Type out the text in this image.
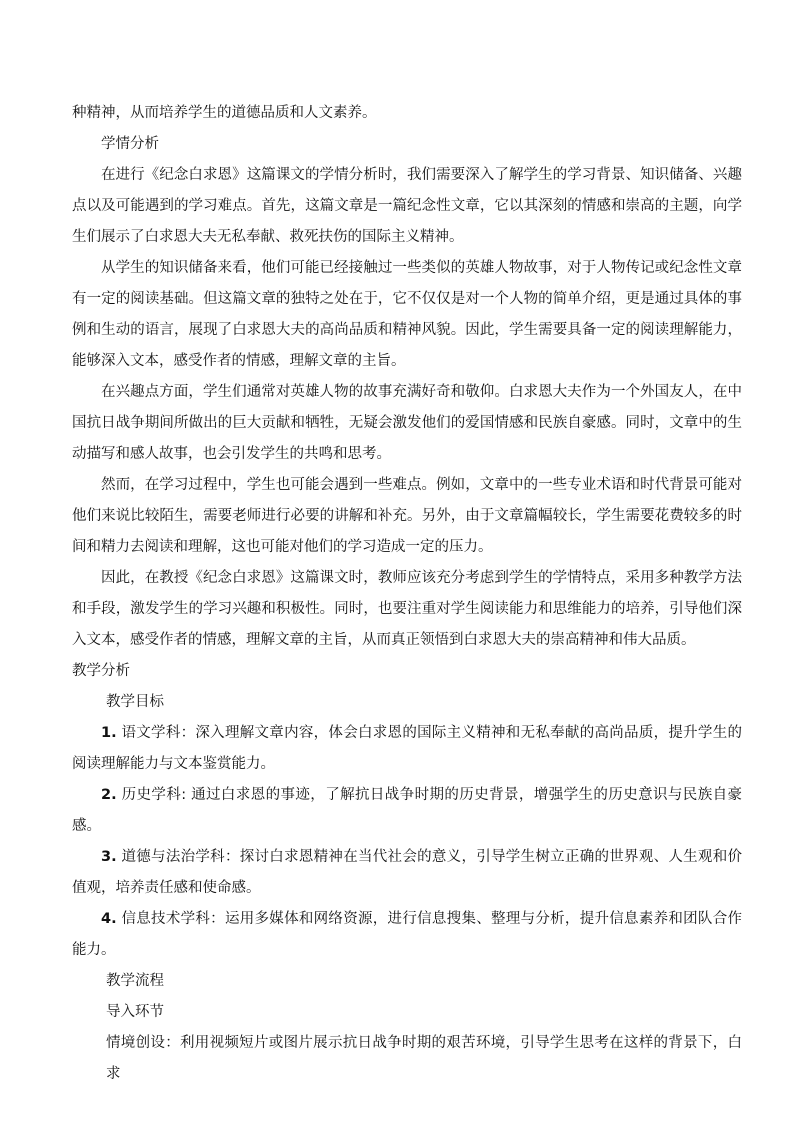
种精神，从而培养学生的道德品质和人文素养。

学情分析

在进行《纪念白求恩》这篇课文的学情分析时，我们需要深入了解学生的学习背景、知识储备、兴趣点以及可能遇到的学习难点。首先，这篇文章是一篇纪念性文章，它以其深刻的情感和崇高的主题，向学生们展示了白求恩大夫无私奉献、救死扶伤的国际主义精神。

从学生的知识储备来看，他们可能已经接触过一些类似的英雄人物故事，对于人物传记或纪念性文章有一定的阅读基础。但这篇文章的独特之处在于，它不仅仅是对一个人物的简单介绍，更是通过具体的事例和生动的语言，展现了白求恩大夫的高尚品质和精神风貌。因此，学生需要具备一定的阅读理解能力，能够深入文本，感受作者的情感，理解文章的主旨。

在兴趣点方面，学生们通常对英雄人物的故事充满好奇和敬仰。白求恩大夫作为一个外国友人，在中国抗日战争期间所做出的巨大贡献和牺牲，无疑会激发他们的爱国情感和民族自豪感。同时，文章中的生动描写和感人故事，也会引发学生的共鸣和思考。

然而，在学习过程中，学生也可能会遇到一些难点。例如，文章中的一些专业术语和时代背景可能对他们来说比较陌生，需要老师进行必要的讲解和补充。另外，由于文章篇幅较长，学生需要花费较多的时间和精力去阅读和理解，这也可能对他们的学习造成一定的压力。

因此，在教授《纪念白求恩》这篇课文时，教师应该充分考虑到学生的学情特点，采用多种教学方法和手段，激发学生的学习兴趣和积极性。同时，也要注重对学生阅读能力和思维能力的培养，引导他们深入文本，感受作者的情感，理解文章的主旨，从而真正领悟到白求恩大夫的崇高精神和伟大品质。

教学分析

教学目标

1. 语文学科：深入理解文章内容，体会白求恩的国际主义精神和无私奉献的高尚品质，提升学生的阅读理解能力与文本鉴赏能力。

2. 历史学科: 通过白求恩的事迹，了解抗日战争时期的历史背景，增强学生的历史意识与民族自豪感。

3. 道德与法治学科：探讨白求恩精神在当代社会的意义，引导学生树立正确的世界观、人生观和价值观，培养责任感和使命感。

4. 信息技术学科：运用多媒体和网络资源，进行信息搜集、整理与分析，提升信息素养和团队合作能力。

教学流程

导入环节

情境创设：利用视频短片或图片展示抗日战争时期的艰苦环境，引导学生思考在这样的背景下，白求
